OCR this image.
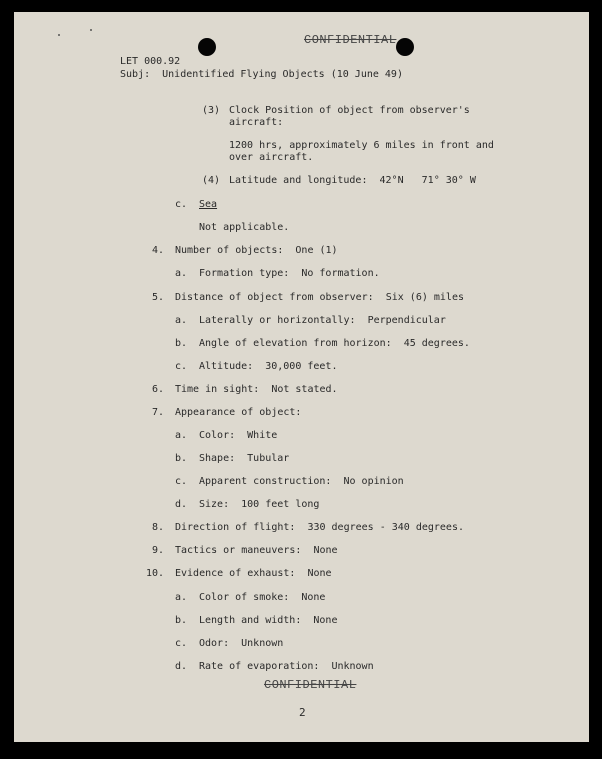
CONFIDENTIAL
LET 000.92
Subj:  Unidentified Flying Objects (10 June 49)
(3) Clock Position of object from observer's
aircraft:
1200 hrs, approximately 6 miles in front and
over aircraft.
(4) Latitude and longitude:  42°N   71° 30° W
c. Sea
Not applicable.
4. Number of objects:  One (1)
a. Formation type:  No formation.
5. Distance of object from observer:  Six (6) miles
a. Laterally or horizontally:  Perpendicular
b. Angle of elevation from horizon:  45 degrees.
c. Altitude:  30,000 feet.
6. Time in sight:  Not stated.
7. Appearance of object:
a. Color:  White
b. Shape:  Tubular
c. Apparent construction:  No opinion
d. Size:  100 feet long
8. Direction of flight:  330 degrees - 340 degrees.
9. Tactics or maneuvers:  None
10. Evidence of exhaust:  None
a. Color of smoke:  None
b. Length and width:  None
c. Odor:  Unknown
d. Rate of evaporation:  Unknown
CONFIDENTIAL
2
